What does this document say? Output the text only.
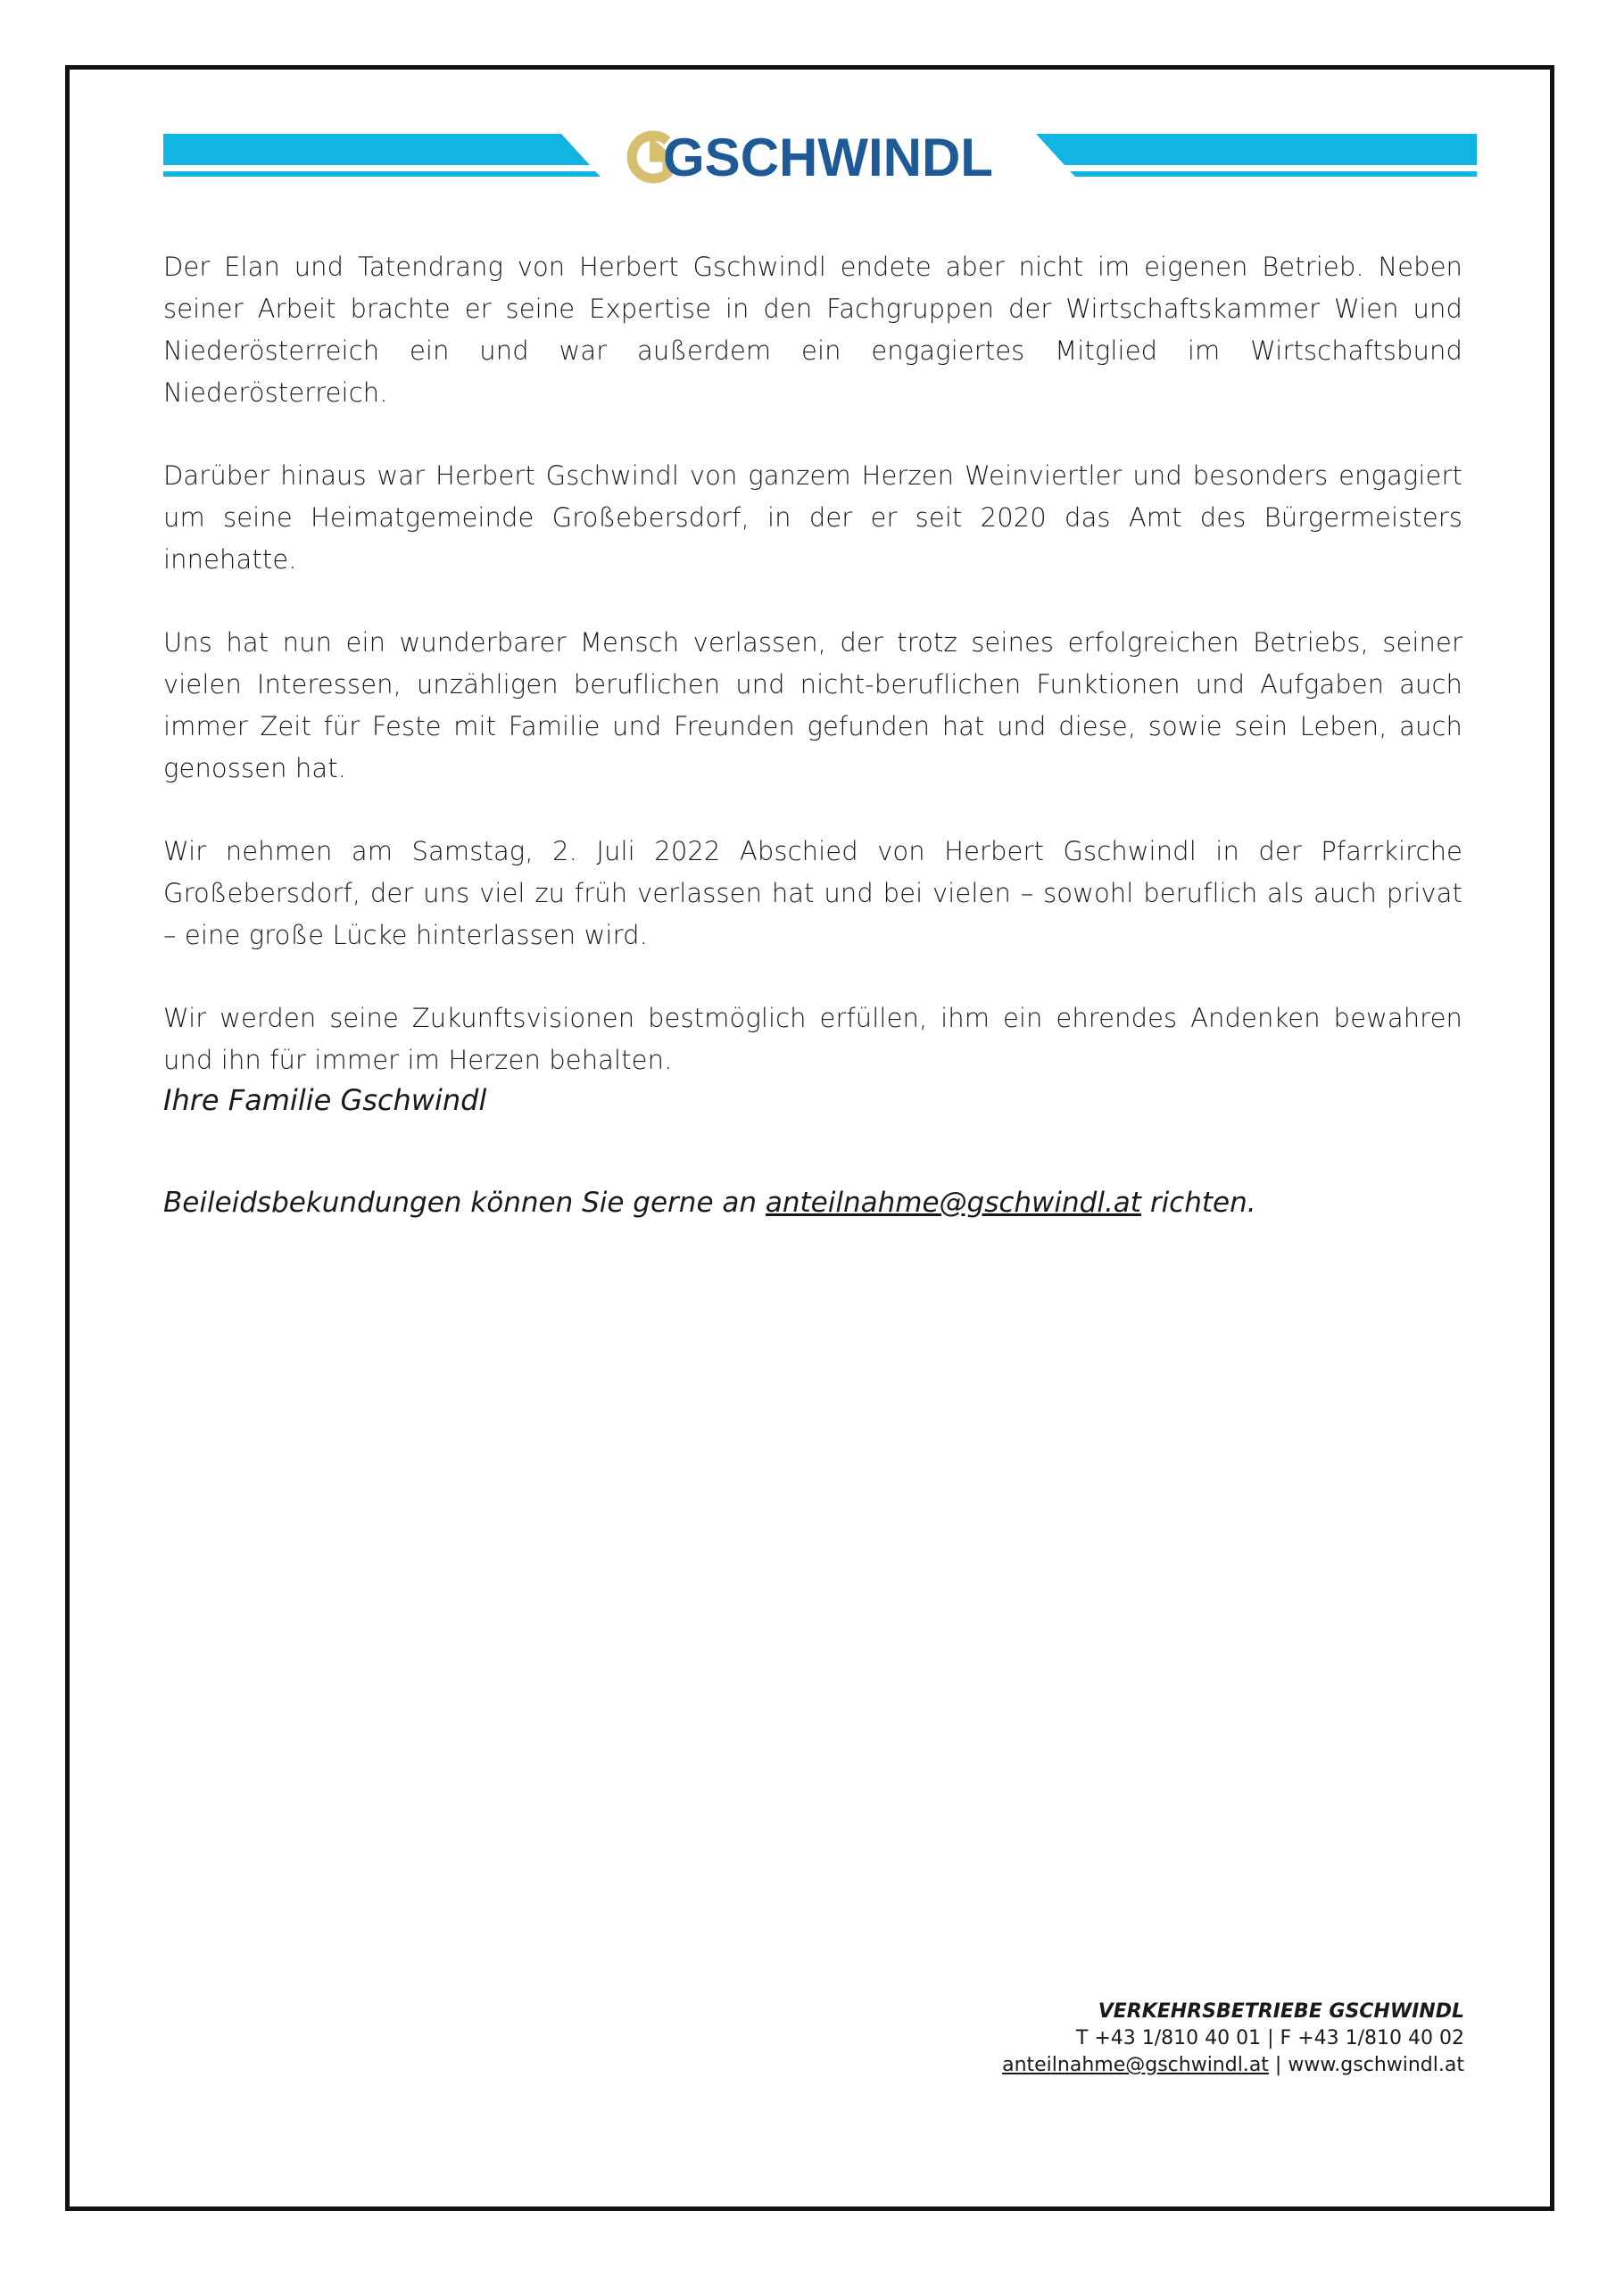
GSCHWINDL

Der Elan und Tatendrang von Herbert Gschwindl endete aber nicht im eigenen Betrieb. Neben seiner Arbeit brachte er seine Expertise in den Fachgruppen der Wirtschaftskammer Wien und Niederösterreich ein und war außerdem ein engagiertes Mitglied im Wirtschaftsbund Niederösterreich.

Darüber hinaus war Herbert Gschwindl von ganzem Herzen Weinviertler und besonders engagiert um seine Heimatgemeinde Großebersdorf, in der er seit 2020 das Amt des Bürgermeisters innehatte.

Uns hat nun ein wunderbarer Mensch verlassen, der trotz seines erfolgreichen Betriebs, seiner vielen Interessen, unzähligen beruflichen und nicht-beruflichen Funktionen und Aufgaben auch immer Zeit für Feste mit Familie und Freunden gefunden hat und diese, sowie sein Leben, auch genossen hat.

Wir nehmen am Samstag, 2. Juli 2022 Abschied von Herbert Gschwindl in der Pfarrkirche Großebersdorf, der uns viel zu früh verlassen hat und bei vielen – sowohl beruflich als auch privat – eine große Lücke hinterlassen wird.

Wir werden seine Zukunftsvisionen bestmöglich erfüllen, ihm ein ehrendes Andenken bewahren und ihn für immer im Herzen behalten.

Ihre Familie Gschwindl
Beileidsbekundungen können Sie gerne an anteilnahme@gschwindl.at richten.
VERKEHRSBETRIEBE GSCHWINDL
T +43 1/810 40 01 | F +43 1/810 40 02
anteilnahme@gschwindl.at | www.gschwindl.at
